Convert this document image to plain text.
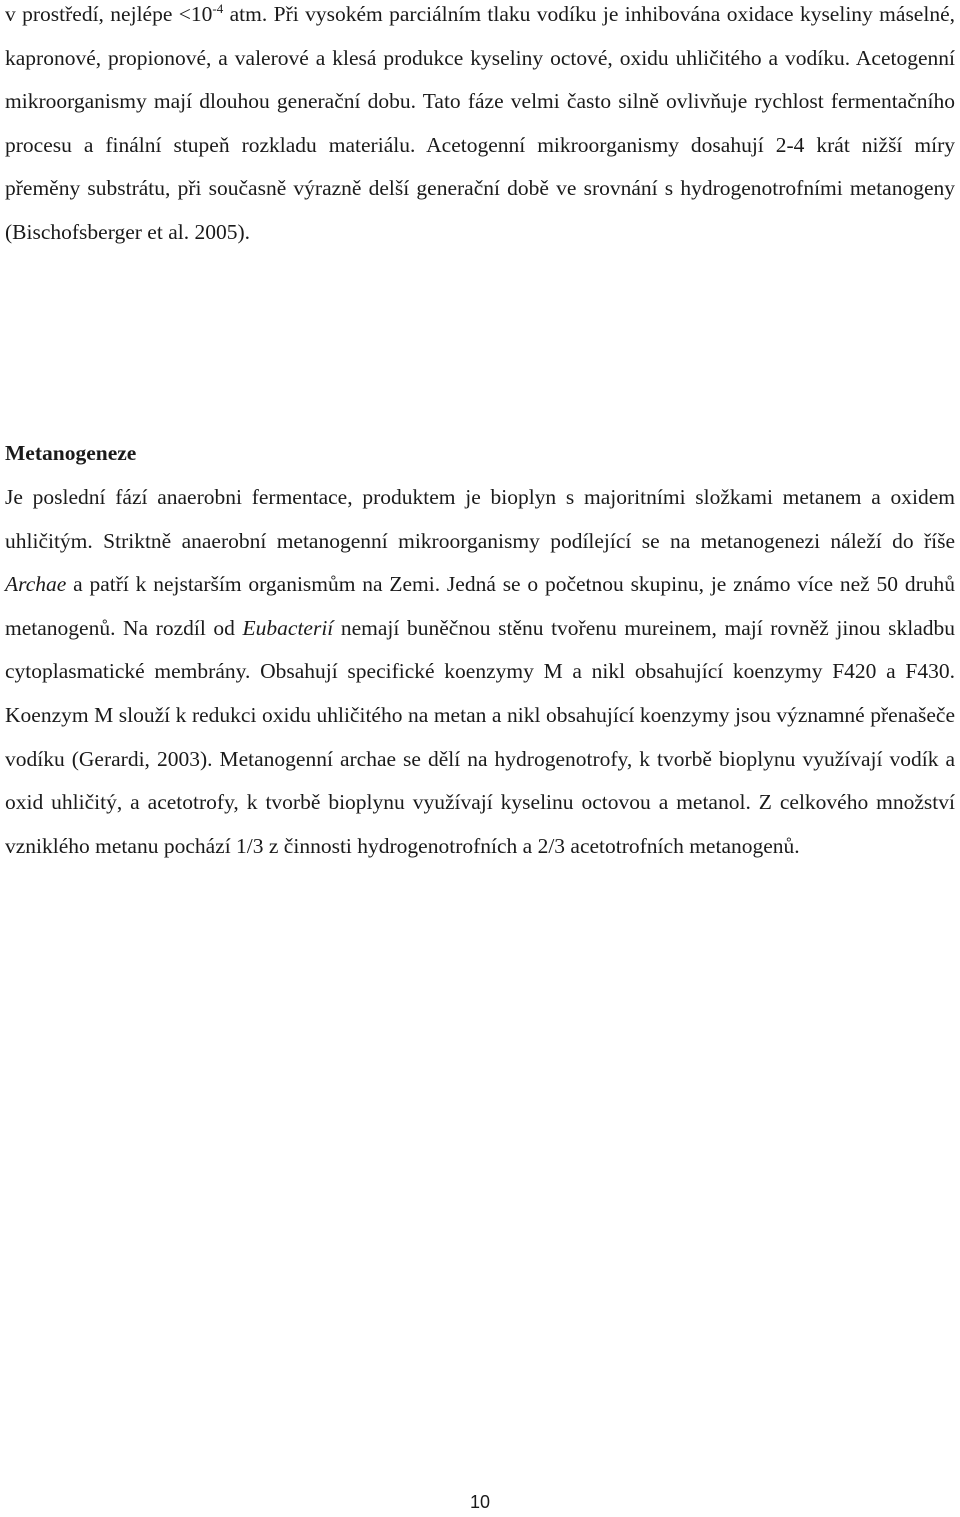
v prostředí, nejlépe $<10^{-4}$ atm. Při vysokém parciálním tlaku vodíku je inhibována oxidace kyseliny máselné, kapronové, propionové, a valerové a klesá produkce kyseliny octové, oxidu uhličitého a vodíku. Acetogenní mikroorganismy mají dlouhou generační dobu. Tato fáze velmi často silně ovlivňuje rychlost fermentačního procesu a finální stupeň rozkladu materiálu. Acetogenní mikroorganismy dosahují 2-4 krát nižší míry přeměny substrátu, při současně výrazně delší generační době ve srovnání s hydrogenotrofními metanogeny (Bischofsberger et al. 2005).

Metanogeneze

Je poslední fází anaerobni fermentace, produktem je bioplyn s majoritními složkami metanem a oxidem uhličitým. Striktně anaerobní metanogenní mikroorganismy podílející se na metanogenezi náleží do říše Archae a patří k nejstarším organismům na Zemi. Jedná se o početnou skupinu, je známo více než 50 druhů metanogenů. Na rozdíl od Eubacterií nemají buněčnou stěnu tvořenu mureinem, mají rovněž jinou skladbu cytoplasmatické membrány. Obsahují specifické koenzymy M a nikl obsahující koenzymy F420 a F430. Koenzym M slouží k redukci oxidu uhličitého na metan a nikl obsahující koenzymy jsou významné přenašeče vodíku (Gerardi, 2003). Metanogenní archae se dělí na hydrogenotrofy, k tvorbě bioplynu využívají vodík a oxid uhličitý, a acetotrofy, k tvorbě bioplynu využívají kyselinu octovou a metanol. Z celkového množství vzniklého metanu pochází 1/3 z činnosti hydrogenotrofních a 2/3 acetotrofních metanogenů.

10
